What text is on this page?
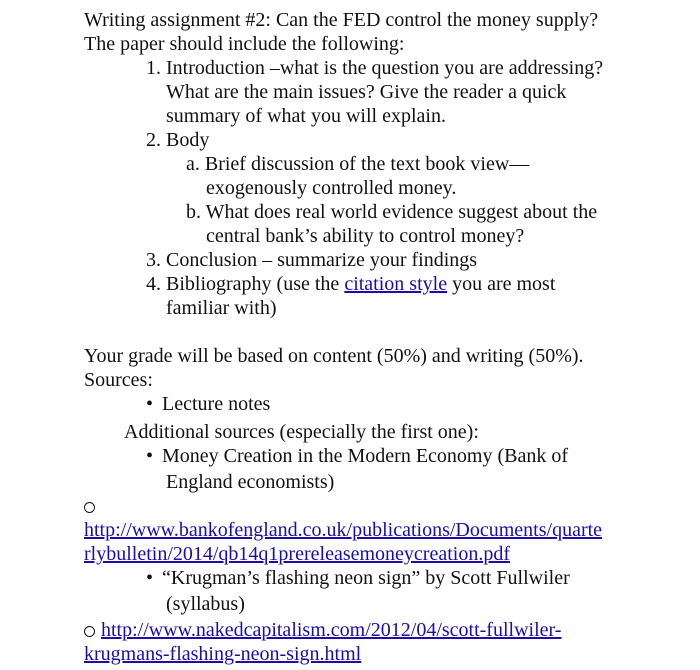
Writing assignment #2: Can the FED control the money supply?
The paper should include the following:
1. Introduction –what is the question you are addressing?
What are the main issues? Give the reader a quick
summary of what you will explain.
2. Body
a. Brief discussion of the text book view—
exogenously controlled money.
b. What does real world evidence suggest about the
central bank’s ability to control money?
3. Conclusion – summarize your findings
4. Bibliography (use the citation style you are most
familiar with)
Your grade will be based on content (50%) and writing (50%).
Sources:
• Lecture notes
Additional sources (especially the first one):
• Money Creation in the Modern Economy (Bank of
England economists)
http://www.bankofengland.co.uk/publications/Documents/quarte
rlybulletin/2014/qb14q1prereleasemoneycreation.pdf
• “Krugman’s flashing neon sign” by Scott Fullwiler
(syllabus)
http://www.nakedcapitalism.com/2012/04/scott-fullwiler-
krugmans-flashing-neon-sign.html
